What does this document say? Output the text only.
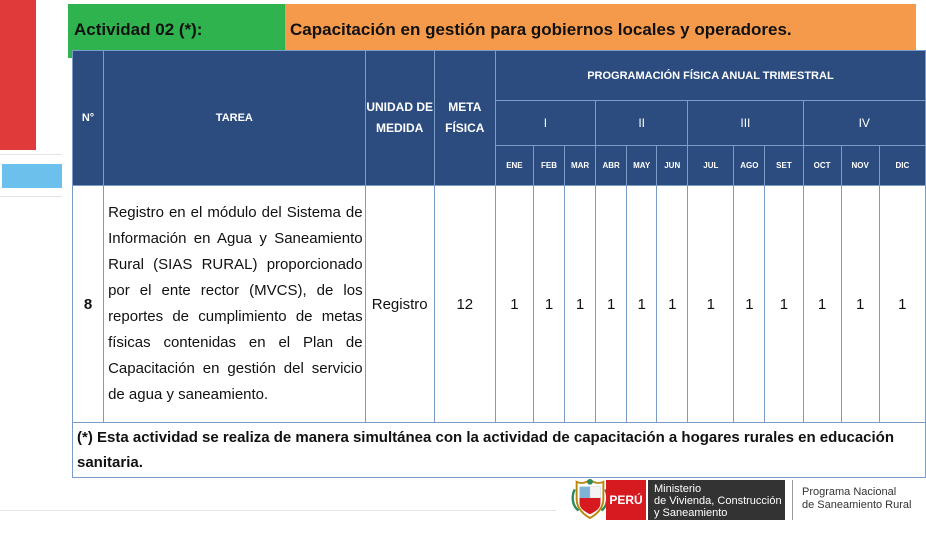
Actividad 02 (*):	Capacitación en gestión para gobiernos locales y operadores.
N°	TAREA	UNIDAD DE MEDIDA	META FÍSICA	PROGRAMACIÓN FÍSICA ANUAL TRIMESTRAL											
				I			II			III			IV		
				ENE	FEB	MAR	ABR	MAY	JUN	JUL	AGO	SET	OCT	NOV	DIC
8	Registro en el módulo del Sistema de Información en Agua y Saneamiento Rural (SIAS RURAL) proporcionado por el ente rector (MVCS), de los reportes de cumplimiento de metas físicas contenidas en el Plan de Capacitación en gestión del servicio de agua y saneamiento.	Registro	12	1	1	1	1	1	1	1	1	1	1	1	1
(*) Esta actividad se realiza de manera simultánea con la actividad de capacitación a hogares rurales en educación sanitaria.															
PERÚ
Ministerio
de Vivienda, Construcción
y Saneamiento
Programa Nacional
de Saneamiento Rural
